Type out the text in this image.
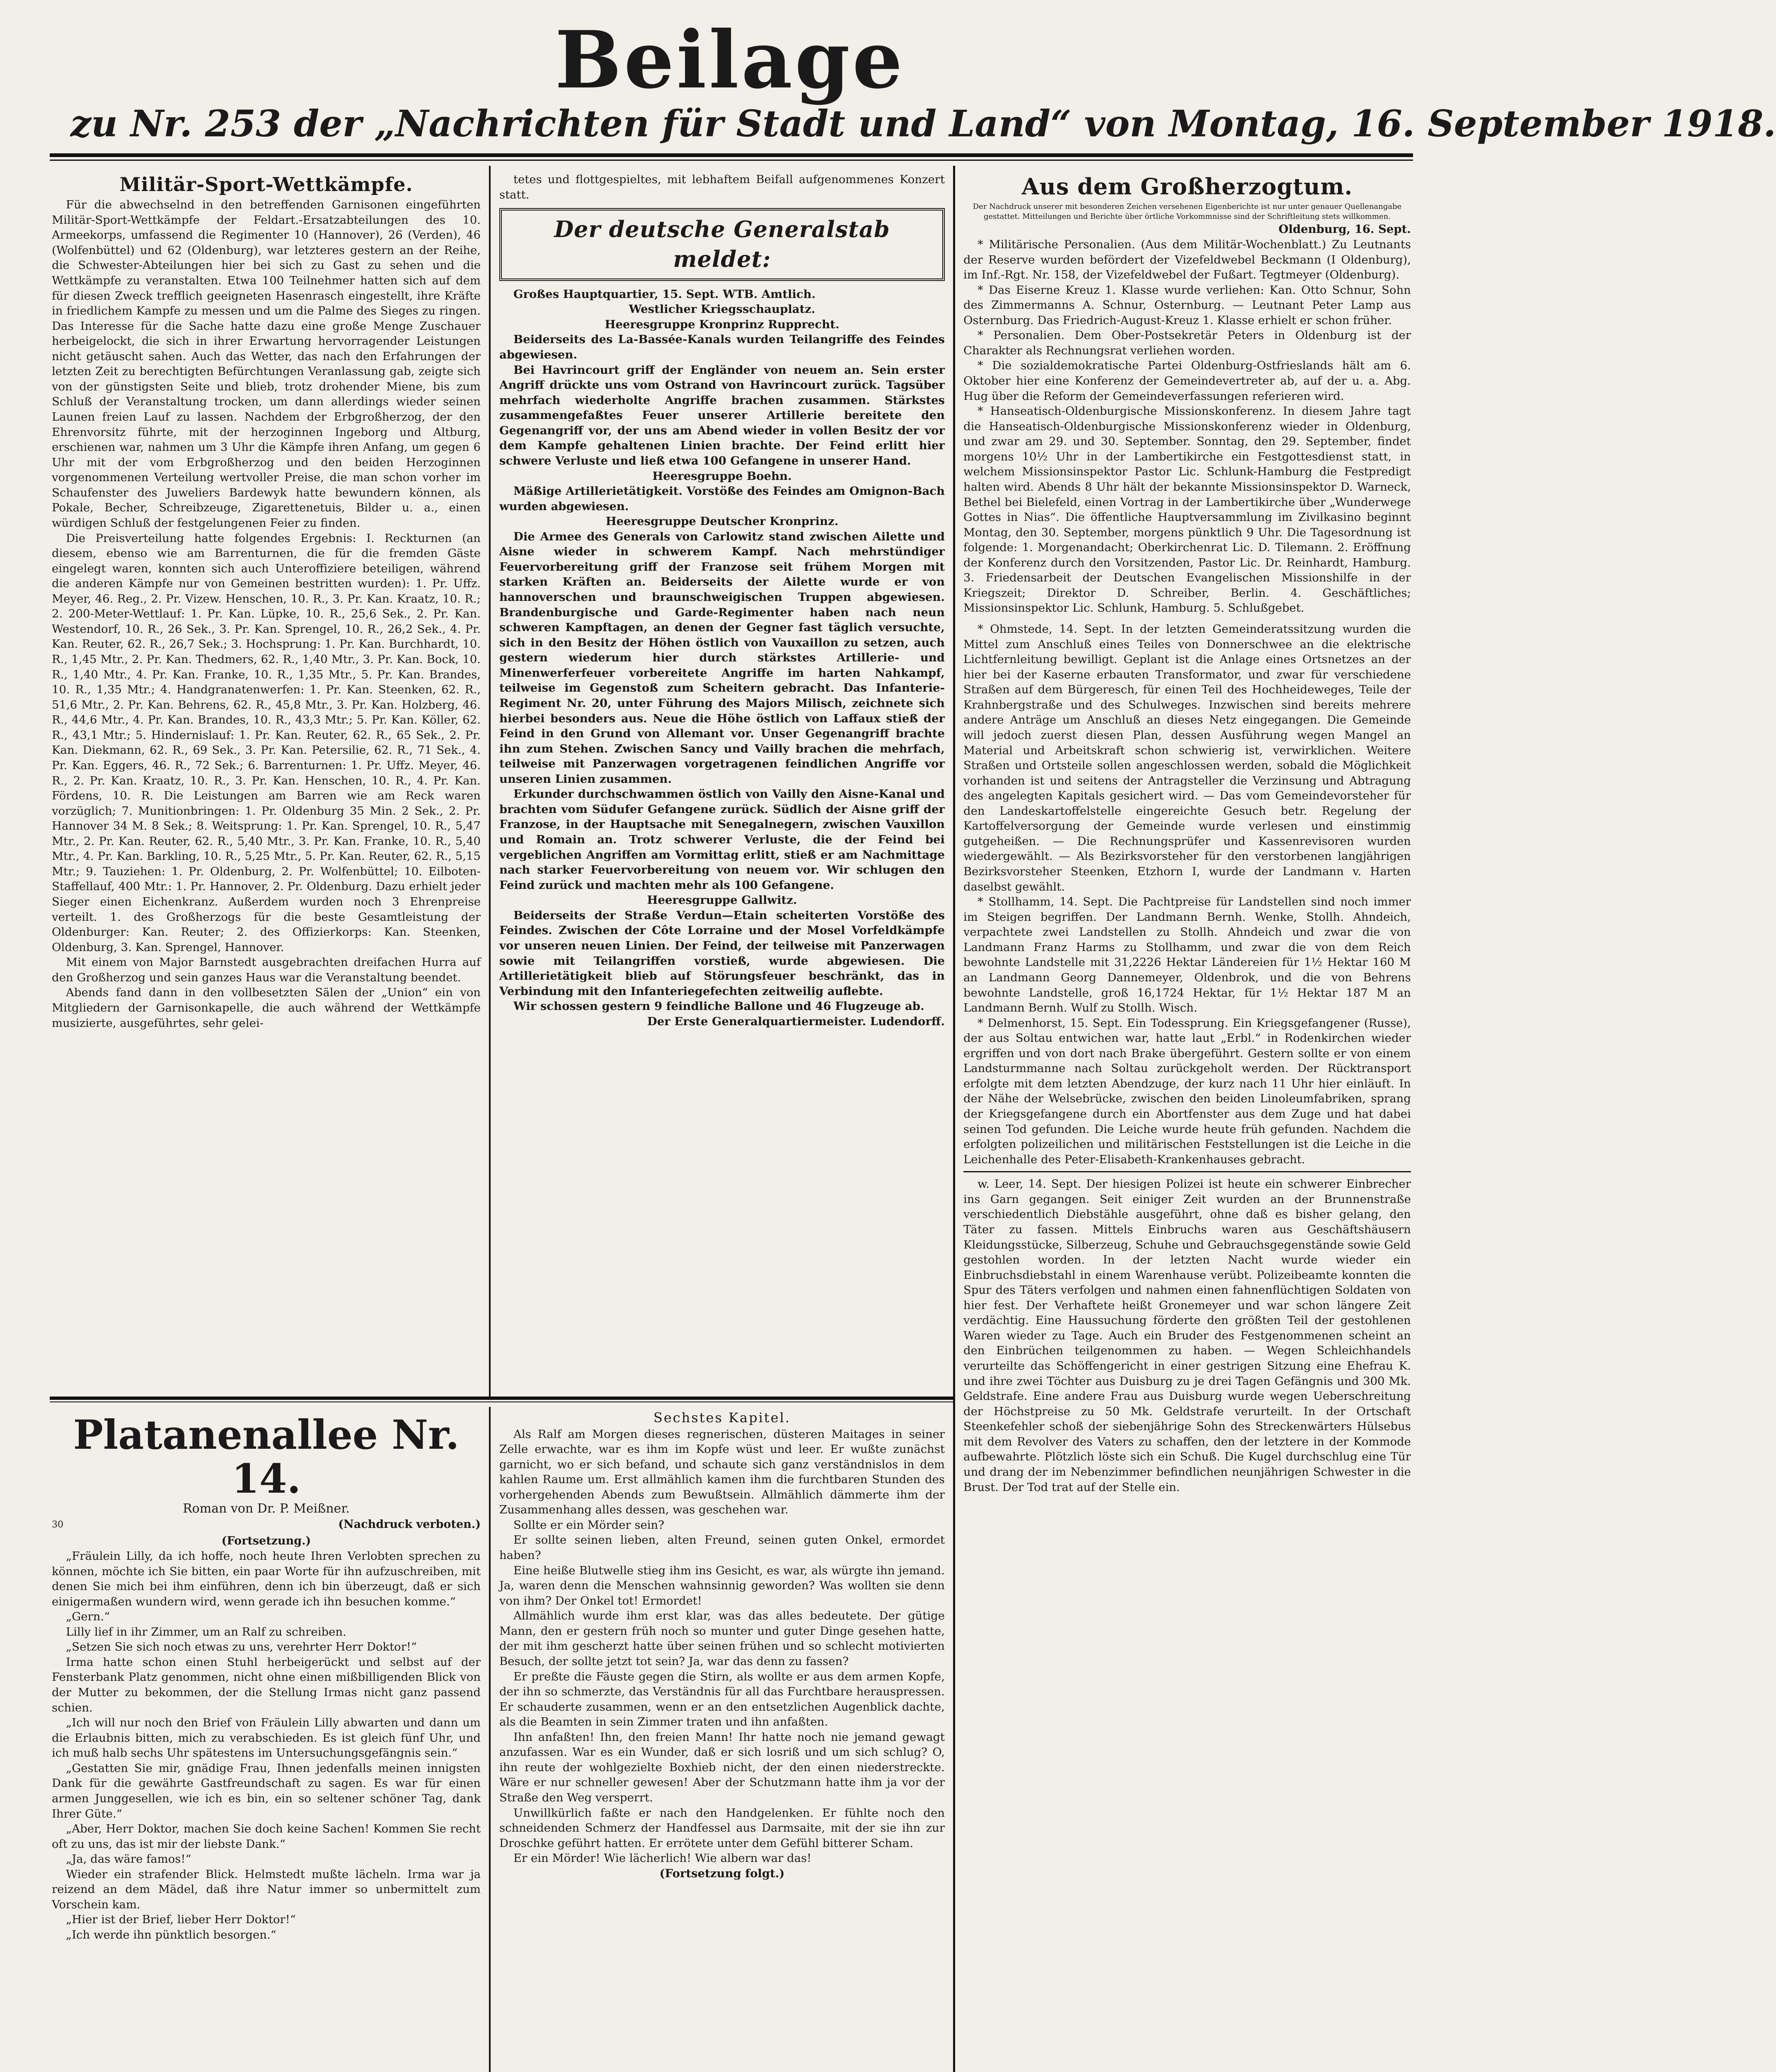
Beilage
zu Nr. 253 der „Nachrichten für Stadt und Land“ von Montag, 16. September 1918.

Militär-Sport-Wettkämpfe.

Für die abwechselnd in den betreffenden Garnisonen eingeführten Militär-Sport-Wettkämpfe der Feldart.-Ersatzabteilungen des 10. Armeekorps, umfassend die Regimenter 10 (Hannover), 26 (Verden), 46 (Wolfenbüttel) und 62 (Oldenburg), war letzteres gestern an der Reihe, die Schwester-Abteilungen hier bei sich zu Gast zu sehen und die Wettkämpfe zu veranstalten. Etwa 100 Teilnehmer hatten sich auf dem für diesen Zweck trefflich geeigneten Hasenrasch eingestellt, ihre Kräfte in friedlichem Kampfe zu messen und um die Palme des Sieges zu ringen. Das Interesse für die Sache hatte dazu eine große Menge Zuschauer herbeigelockt, die sich in ihrer Erwartung hervorragender Leistungen nicht getäuscht sahen. Auch das Wetter, das nach den Erfahrungen der letzten Zeit zu berechtigten Befürchtungen Veranlassung gab, zeigte sich von der günstigsten Seite und blieb, trotz drohender Miene, bis zum Schluß der Veranstaltung trocken, um dann allerdings wieder seinen Launen freien Lauf zu lassen. Nachdem der Erbgroßherzog, der den Ehrenvorsitz führte, mit der herzoginnen Ingeborg und Altburg, erschienen war, nahmen um 3 Uhr die Kämpfe ihren Anfang, um gegen 6 Uhr mit der vom Erbgroßherzog und den beiden Herzoginnen vorgenommenen Verteilung wertvoller Preise, die man schon vorher im Schaufenster des Juweliers Bardewyk hatte bewundern können, als Pokale, Becher, Schreibzeuge, Zigarettenetuis, Bilder u. a., einen würdigen Schluß der festgelungenen Feier zu finden.

Die Preisverteilung hatte folgendes Ergebnis: I. Reckturnen (an diesem, ebenso wie am Barrenturnen, die für die fremden Gäste eingelegt waren, konnten sich auch Unteroffiziere beteiligen, während die anderen Kämpfe nur von Gemeinen bestritten wurden): 1. Pr. Uffz. Meyer, 46. Reg., 2. Pr. Vizew. Henschen, 10. R., 3. Pr. Kan. Kraatz, 10. R.; 2. 200-Meter-Wettlauf: 1. Pr. Kan. Lüpke, 10. R., 25,6 Sek., 2. Pr. Kan. Westendorf, 10. R., 26 Sek., 3. Pr. Kan. Sprengel, 10. R., 26,2 Sek., 4. Pr. Kan. Reuter, 62. R., 26,7 Sek.; 3. Hochsprung: 1. Pr. Kan. Burchhardt, 10. R., 1,45 Mtr., 2. Pr. Kan. Thedmers, 62. R., 1,40 Mtr., 3. Pr. Kan. Bock, 10. R., 1,40 Mtr., 4. Pr. Kan. Franke, 10. R., 1,35 Mtr., 5. Pr. Kan. Brandes, 10. R., 1,35 Mtr.; 4. Handgranatenwerfen: 1. Pr. Kan. Steenken, 62. R., 51,6 Mtr., 2. Pr. Kan. Behrens, 62. R., 45,8 Mtr., 3. Pr. Kan. Holzberg, 46. R., 44,6 Mtr., 4. Pr. Kan. Brandes, 10. R., 43,3 Mtr.; 5. Pr. Kan. Köller, 62. R., 43,1 Mtr.; 5. Hindernislauf: 1. Pr. Kan. Reuter, 62. R., 65 Sek., 2. Pr. Kan. Diekmann, 62. R., 69 Sek., 3. Pr. Kan. Petersilie, 62. R., 71 Sek., 4. Pr. Kan. Eggers, 46. R., 72 Sek.; 6. Barrenturnen: 1. Pr. Uffz. Meyer, 46. R., 2. Pr. Kan. Kraatz, 10. R., 3. Pr. Kan. Henschen, 10. R., 4. Pr. Kan. Fördens, 10. R. Die Leistungen am Barren wie am Reck waren vorzüglich; 7. Munitionbringen: 1. Pr. Oldenburg 35 Min. 2 Sek., 2. Pr. Hannover 34 M. 8 Sek.; 8. Weitsprung: 1. Pr. Kan. Sprengel, 10. R., 5,47 Mtr., 2. Pr. Kan. Reuter, 62. R., 5,40 Mtr., 3. Pr. Kan. Franke, 10. R., 5,40 Mtr., 4. Pr. Kan. Barkling, 10. R., 5,25 Mtr., 5. Pr. Kan. Reuter, 62. R., 5,15 Mtr.; 9. Tauziehen: 1. Pr. Oldenburg, 2. Pr. Wolfenbüttel; 10. Eilboten-Staffellauf, 400 Mtr.: 1. Pr. Hannover, 2. Pr. Oldenburg. Dazu erhielt jeder Sieger einen Eichenkranz. Außerdem wurden noch 3 Ehrenpreise verteilt. 1. des Großherzogs für die beste Gesamtleistung der Oldenburger: Kan. Reuter; 2. des Offizierkorps: Kan. Steenken, Oldenburg, 3. Kan. Sprengel, Hannover.

Mit einem von Major Barnstedt ausgebrachten dreifachen Hurra auf den Großherzog und sein ganzes Haus war die Veranstaltung beendet.

Abends fand dann in den vollbesetzten Sälen der „Union“ ein von Mitgliedern der Garnisonkapelle, die auch während der Wettkämpfe musizierte, ausgeführtes, sehr gelei-

tetes und flottgespieltes, mit lebhaftem Beifall aufgenommenes Konzert statt.

Der deutsche Generalstab meldet:

Großes Hauptquartier, 15. Sept. WTB. Amtlich.

Westlicher Kriegsschauplatz.

Heeresgruppe Kronprinz Rupprecht.

Beiderseits des La-Bassée-Kanals wurden Teilangriffe des Feindes abgewiesen.

Bei Havrincourt griff der Engländer von neuem an. Sein erster Angriff drückte uns vom Ostrand von Havrincourt zurück. Tagsüber mehrfach wiederholte Angriffe brachen zusammen. Stärkstes zusammengefaßtes Feuer unserer Artillerie bereitete den Gegenangriff vor, der uns am Abend wieder in vollen Besitz der vor dem Kampfe gehaltenen Linien brachte. Der Feind erlitt hier schwere Verluste und ließ etwa 100 Gefangene in unserer Hand.

Heeresgruppe Boehn.

Mäßige Artillerietätigkeit. Vorstöße des Feindes am Omignon-Bach wurden abgewiesen.

Heeresgruppe Deutscher Kronprinz.

Die Armee des Generals von Carlowitz stand zwischen Ailette und Aisne wieder in schwerem Kampf. Nach mehrstündiger Feuervorbereitung griff der Franzose seit frühem Morgen mit starken Kräften an. Beiderseits der Ailette wurde er von hannoverschen und braunschweigischen Truppen abgewiesen. Brandenburgische und Garde-Regimenter haben nach neun schweren Kampftagen, an denen der Gegner fast täglich versuchte, sich in den Besitz der Höhen östlich von Vauxaillon zu setzen, auch gestern wiederum hier durch stärkstes Artillerie- und Minenwerferfeuer vorbereitete Angriffe im harten Nahkampf, teilweise im Gegenstoß zum Scheitern gebracht. Das Infanterie-Regiment Nr. 20, unter Führung des Majors Milisch, zeichnete sich hierbei besonders aus. Neue die Höhe östlich von Laffaux stieß der Feind in den Grund von Allemant vor. Unser Gegenangriff brachte ihn zum Stehen. Zwischen Sancy und Vailly brachen die mehrfach, teilweise mit Panzerwagen vorgetragenen feindlichen Angriffe vor unseren Linien zusammen.

Erkunder durchschwammen östlich von Vailly den Aisne-Kanal und brachten vom Südufer Gefangene zurück. Südlich der Aisne griff der Franzose, in der Hauptsache mit Senegalnegern, zwischen Vauxillon und Romain an. Trotz schwerer Verluste, die der Feind bei vergeblichen Angriffen am Vormittag erlitt, stieß er am Nachmittage nach starker Feuervorbereitung von neuem vor. Wir schlugen den Feind zurück und machten mehr als 100 Gefangene.

Heeresgruppe Gallwitz.

Beiderseits der Straße Verdun—Etain scheiterten Vorstöße des Feindes. Zwischen der Côte Lorraine und der Mosel Vorfeldkämpfe vor unseren neuen Linien. Der Feind, der teilweise mit Panzerwagen sowie mit Teilangriffen vorstieß, wurde abgewiesen. Die Artillerietätigkeit blieb auf Störungsfeuer beschränkt, das in Verbindung mit den Infanteriegefechten zeitweilig auflebte.

Wir schossen gestern 9 feindliche Ballone und 46 Flugzeuge ab.

Der Erste Generalquartiermeister. Ludendorff.

Aus dem Großherzogtum.

Der Nachdruck unserer mit besonderen Zeichen versehenen Eigenberichte ist nur unter genauer Quellenangabe gestattet. Mitteilungen und Berichte über örtliche Vorkommnisse sind der Schriftleitung stets willkommen.

Oldenburg, 16. Sept.

* Militärische Personalien. (Aus dem Militär-Wochenblatt.) Zu Leutnants der Reserve wurden befördert der Vizefeldwebel Beckmann (I Oldenburg), im Inf.-Rgt. Nr. 158, der Vizefeldwebel der Fußart. Tegtmeyer (Oldenburg).

* Das Eiserne Kreuz 1. Klasse wurde verliehen: Kan. Otto Schnur, Sohn des Zimmermanns A. Schnur, Osternburg. — Leutnant Peter Lamp aus Osternburg. Das Friedrich-August-Kreuz 1. Klasse erhielt er schon früher.

* Personalien. Dem Ober-Postsekretär Peters in Oldenburg ist der Charakter als Rechnungsrat verliehen worden.

* Die sozialdemokratische Partei Oldenburg-Ostfrieslands hält am 6. Oktober hier eine Konferenz der Gemeindevertreter ab, auf der u. a. Abg. Hug über die Reform der Gemeindeverfassungen referieren wird.

* Hanseatisch-Oldenburgische Missionskonferenz. In diesem Jahre tagt die Hanseatisch-Oldenburgische Missionskonferenz wieder in Oldenburg, und zwar am 29. und 30. September. Sonntag, den 29. September, findet morgens 10½ Uhr in der Lambertikirche ein Festgottesdienst statt, in welchem Missionsinspektor Pastor Lic. Schlunk-Hamburg die Festpredigt halten wird. Abends 8 Uhr hält der bekannte Missionsinspektor D. Warneck, Bethel bei Bielefeld, einen Vortrag in der Lambertikirche über „Wunderwege Gottes in Nias“. Die öffentliche Hauptversammlung im Zivilkasino beginnt Montag, den 30. September, morgens pünktlich 9 Uhr. Die Tagesordnung ist folgende: 1. Morgenandacht; Oberkirchenrat Lic. D. Tilemann. 2. Eröffnung der Konferenz durch den Vorsitzenden, Pastor Lic. Dr. Reinhardt, Hamburg. 3. Friedensarbeit der Deutschen Evangelischen Missionshilfe in der Kriegszeit; Direktor D. Schreiber, Berlin. 4. Geschäftliches; Missionsinspektor Lic. Schlunk, Hamburg. 5. Schlußgebet.

* Ohmstede, 14. Sept. In der letzten Gemeinderatssitzung wurden die Mittel zum Anschluß eines Teiles von Donnerschwee an die elektrische Lichtfernleitung bewilligt. Geplant ist die Anlage eines Ortsnetzes an der hier bei der Kaserne erbauten Transformator, und zwar für verschiedene Straßen auf dem Bürgeresch, für einen Teil des Hochheideweges, Teile der Krahnbergstraße und des Schulweges. Inzwischen sind bereits mehrere andere Anträge um Anschluß an dieses Netz eingegangen. Die Gemeinde will jedoch zuerst diesen Plan, dessen Ausführung wegen Mangel an Material und Arbeitskraft schon schwierig ist, verwirklichen. Weitere Straßen und Ortsteile sollen angeschlossen werden, sobald die Möglichkeit vorhanden ist und seitens der Antragsteller die Verzinsung und Abtragung des angelegten Kapitals gesichert wird. — Das vom Gemeindevorsteher für den Landeskartoffelstelle eingereichte Gesuch betr. Regelung der Kartoffelversorgung der Gemeinde wurde verlesen und einstimmig gutgeheißen. — Die Rechnungsprüfer und Kassenrevisoren wurden wiedergewählt. — Als Bezirksvorsteher für den verstorbenen langjährigen Bezirksvorsteher Steenken, Etzhorn I, wurde der Landmann v. Harten daselbst gewählt.

* Stollhamm, 14. Sept. Die Pachtpreise für Landstellen sind noch immer im Steigen begriffen. Der Landmann Bernh. Wenke, Stollh. Ahndeich, verpachtete zwei Landstellen zu Stollh. Ahndeich und zwar die von Landmann Franz Harms zu Stollhamm, und zwar die von dem Reich bewohnte Landstelle mit 31,2226 Hektar Ländereien für 1½ Hektar 160 M an Landmann Georg Dannemeyer, Oldenbrok, und die von Behrens bewohnte Landstelle, groß 16,1724 Hektar, für 1½ Hektar 187 M an Landmann Bernh. Wulf zu Stollh. Wisch.

* Delmenhorst, 15. Sept. Ein Todessprung. Ein Kriegsgefangener (Russe), der aus Soltau entwichen war, hatte laut „Erbl.“ in Rodenkirchen wieder ergriffen und von dort nach Brake übergeführt. Gestern sollte er von einem Landsturmmanne nach Soltau zurückgeholt werden. Der Rücktransport erfolgte mit dem letzten Abendzuge, der kurz nach 11 Uhr hier einläuft. In der Nähe der Welsebrücke, zwischen den beiden Linoleumfabriken, sprang der Kriegsgefangene durch ein Abortfenster aus dem Zuge und hat dabei seinen Tod gefunden. Die Leiche wurde heute früh gefunden. Nachdem die erfolgten polizeilichen und militärischen Feststellungen ist die Leiche in die Leichenhalle des Peter-Elisabeth-Krankenhauses gebracht.

w. Leer, 14. Sept. Der hiesigen Polizei ist heute ein schwerer Einbrecher ins Garn gegangen. Seit einiger Zeit wurden an der Brunnenstraße verschiedentlich Diebstähle ausgeführt, ohne daß es bisher gelang, den Täter zu fassen. Mittels Einbruchs waren aus Geschäftshäusern Kleidungsstücke, Silberzeug, Schuhe und Gebrauchsgegenstände sowie Geld gestohlen worden. In der letzten Nacht wurde wieder ein Einbruchsdiebstahl in einem Warenhause verübt. Polizeibeamte konnten die Spur des Täters verfolgen und nahmen einen fahnenflüchtigen Soldaten von hier fest. Der Verhaftete heißt Gronemeyer und war schon längere Zeit verdächtig. Eine Haussuchung förderte den größten Teil der gestohlenen Waren wieder zu Tage. Auch ein Bruder des Festgenommenen scheint an den Einbrüchen teilgenommen zu haben. — Wegen Schleichhandels verurteilte das Schöffengericht in einer gestrigen Sitzung eine Ehefrau K. und ihre zwei Töchter aus Duisburg zu je drei Tagen Gefängnis und 300 Mk. Geldstrafe. Eine andere Frau aus Duisburg wurde wegen Ueberschreitung der Höchstpreise zu 50 Mk. Geldstrafe verurteilt. In der Ortschaft Steenkefehler schoß der siebenjährige Sohn des Streckenwärters Hülsebus mit dem Revolver des Vaters zu schaffen, den der letztere in der Kommode aufbewahrte. Plötzlich löste sich ein Schuß. Die Kugel durchschlug eine Tür und drang der im Nebenzimmer befindlichen neunjährigen Schwester in die Brust. Der Tod trat auf der Stelle ein.

Platanenallee Nr. 14.
Roman von Dr. P. Meißner.
30	(Nachdruck verboten.)
(Fortsetzung.)

„Fräulein Lilly, da ich hoffe, noch heute Ihren Verlobten sprechen zu können, möchte ich Sie bitten, ein paar Worte für ihn aufzuschreiben, mit denen Sie mich bei ihm einführen, denn ich bin überzeugt, daß er sich einigermaßen wundern wird, wenn gerade ich ihn besuchen komme.“

„Gern.“

Lilly lief in ihr Zimmer, um an Ralf zu schreiben.

„Setzen Sie sich noch etwas zu uns, verehrter Herr Doktor!“

Irma hatte schon einen Stuhl herbeigerückt und selbst auf der Fensterbank Platz genommen, nicht ohne einen mißbilligenden Blick von der Mutter zu bekommen, der die Stellung Irmas nicht ganz passend schien.

„Ich will nur noch den Brief von Fräulein Lilly abwarten und dann um die Erlaubnis bitten, mich zu verabschieden. Es ist gleich fünf Uhr, und ich muß halb sechs Uhr spätestens im Untersuchungsgefängnis sein.“

„Gestatten Sie mir, gnädige Frau, Ihnen jedenfalls meinen innigsten Dank für die gewährte Gastfreundschaft zu sagen. Es war für einen armen Junggesellen, wie ich es bin, ein so seltener schöner Tag, dank Ihrer Güte.“

„Aber, Herr Doktor, machen Sie doch keine Sachen! Kommen Sie recht oft zu uns, das ist mir der liebste Dank.“

„Ja, das wäre famos!“

Wieder ein strafender Blick. Helmstedt mußte lächeln. Irma war ja reizend an dem Mädel, daß ihre Natur immer so unbermittelt zum Vorschein kam.

„Hier ist der Brief, lieber Herr Doktor!“

„Ich werde ihn pünktlich besorgen.“

Sechstes Kapitel.

Als Ralf am Morgen dieses regnerischen, düsteren Maitages in seiner Zelle erwachte, war es ihm im Kopfe wüst und leer. Er wußte zunächst garnicht, wo er sich befand, und schaute sich ganz verständnislos in dem kahlen Raume um. Erst allmählich kamen ihm die furchtbaren Stunden des vorhergehenden Abends zum Bewußtsein. Allmählich dämmerte ihm der Zusammenhang alles dessen, was geschehen war.

Sollte er ein Mörder sein?

Er sollte seinen lieben, alten Freund, seinen guten Onkel, ermordet haben?

Eine heiße Blutwelle stieg ihm ins Gesicht, es war, als würgte ihn jemand. Ja, waren denn die Menschen wahnsinnig geworden? Was wollten sie denn von ihm? Der Onkel tot! Ermordet!

Allmählich wurde ihm erst klar, was das alles bedeutete. Der gütige Mann, den er gestern früh noch so munter und guter Dinge gesehen hatte, der mit ihm gescherzt hatte über seinen frühen und so schlecht motivierten Besuch, der sollte jetzt tot sein? Ja, war das denn zu fassen?

Er preßte die Fäuste gegen die Stirn, als wollte er aus dem armen Kopfe, der ihn so schmerzte, das Verständnis für all das Furchtbare herauspressen. Er schauderte zusammen, wenn er an den entsetzlichen Augenblick dachte, als die Beamten in sein Zimmer traten und ihn anfaßten.

Ihn anfaßten! Ihn, den freien Mann! Ihr hatte noch nie jemand gewagt anzufassen. War es ein Wunder, daß er sich losriß und um sich schlug? O, ihn reute der wohlgezielte Boxhieb nicht, der den einen niederstreckte. Wäre er nur schneller gewesen! Aber der Schutzmann hatte ihm ja vor der Straße den Weg versperrt.

Unwillkürlich faßte er nach den Handgelenken. Er fühlte noch den schneidenden Schmerz der Handfessel aus Darmsaite, mit der sie ihn zur Droschke geführt hatten. Er errötete unter dem Gefühl bitterer Scham.

Er ein Mörder! Wie lächerlich! Wie albern war das!

(Fortsetzung folgt.)
